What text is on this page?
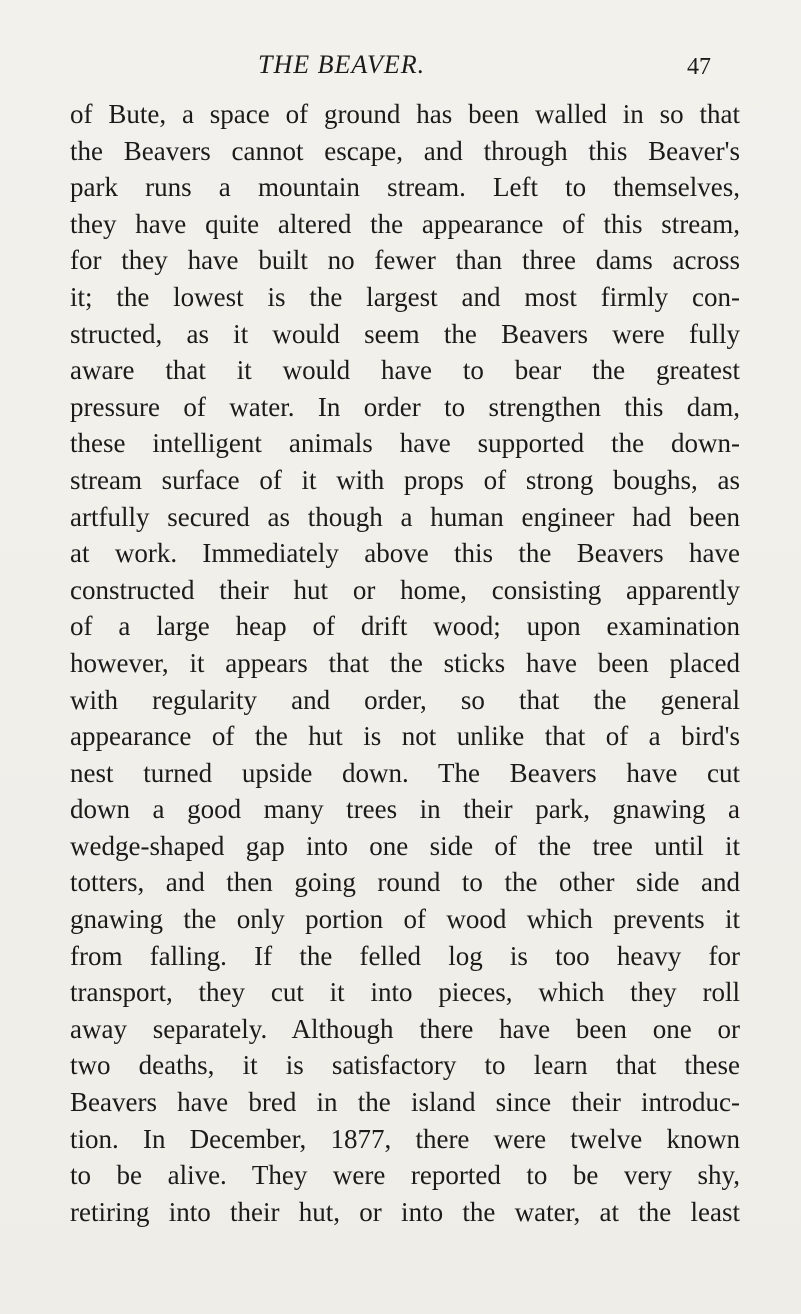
THE BEAVER.	47
of Bute, a space of ground has been walled in so that
the Beavers cannot escape, and through this Beaver's
park runs a mountain stream. Left to themselves,
they have quite altered the appearance of this stream,
for they have built no fewer than three dams across
it; the lowest is the largest and most firmly con-
structed, as it would seem the Beavers were fully
aware that it would have to bear the greatest
pressure of water. In order to strengthen this dam,
these intelligent animals have supported the down-
stream surface of it with props of strong boughs, as
artfully secured as though a human engineer had been
at work. Immediately above this the Beavers have
constructed their hut or home, consisting apparently
of a large heap of drift wood; upon examination
however, it appears that the sticks have been placed
with regularity and order, so that the general
appearance of the hut is not unlike that of a bird's
nest turned upside down. The Beavers have cut
down a good many trees in their park, gnawing a
wedge-shaped gap into one side of the tree until it
totters, and then going round to the other side and
gnawing the only portion of wood which prevents it
from falling. If the felled log is too heavy for
transport, they cut it into pieces, which they roll
away separately. Although there have been one or
two deaths, it is satisfactory to learn that these
Beavers have bred in the island since their introduc-
tion. In December, 1877, there were twelve known
to be alive. They were reported to be very shy,
retiring into their hut, or into the water, at the least
